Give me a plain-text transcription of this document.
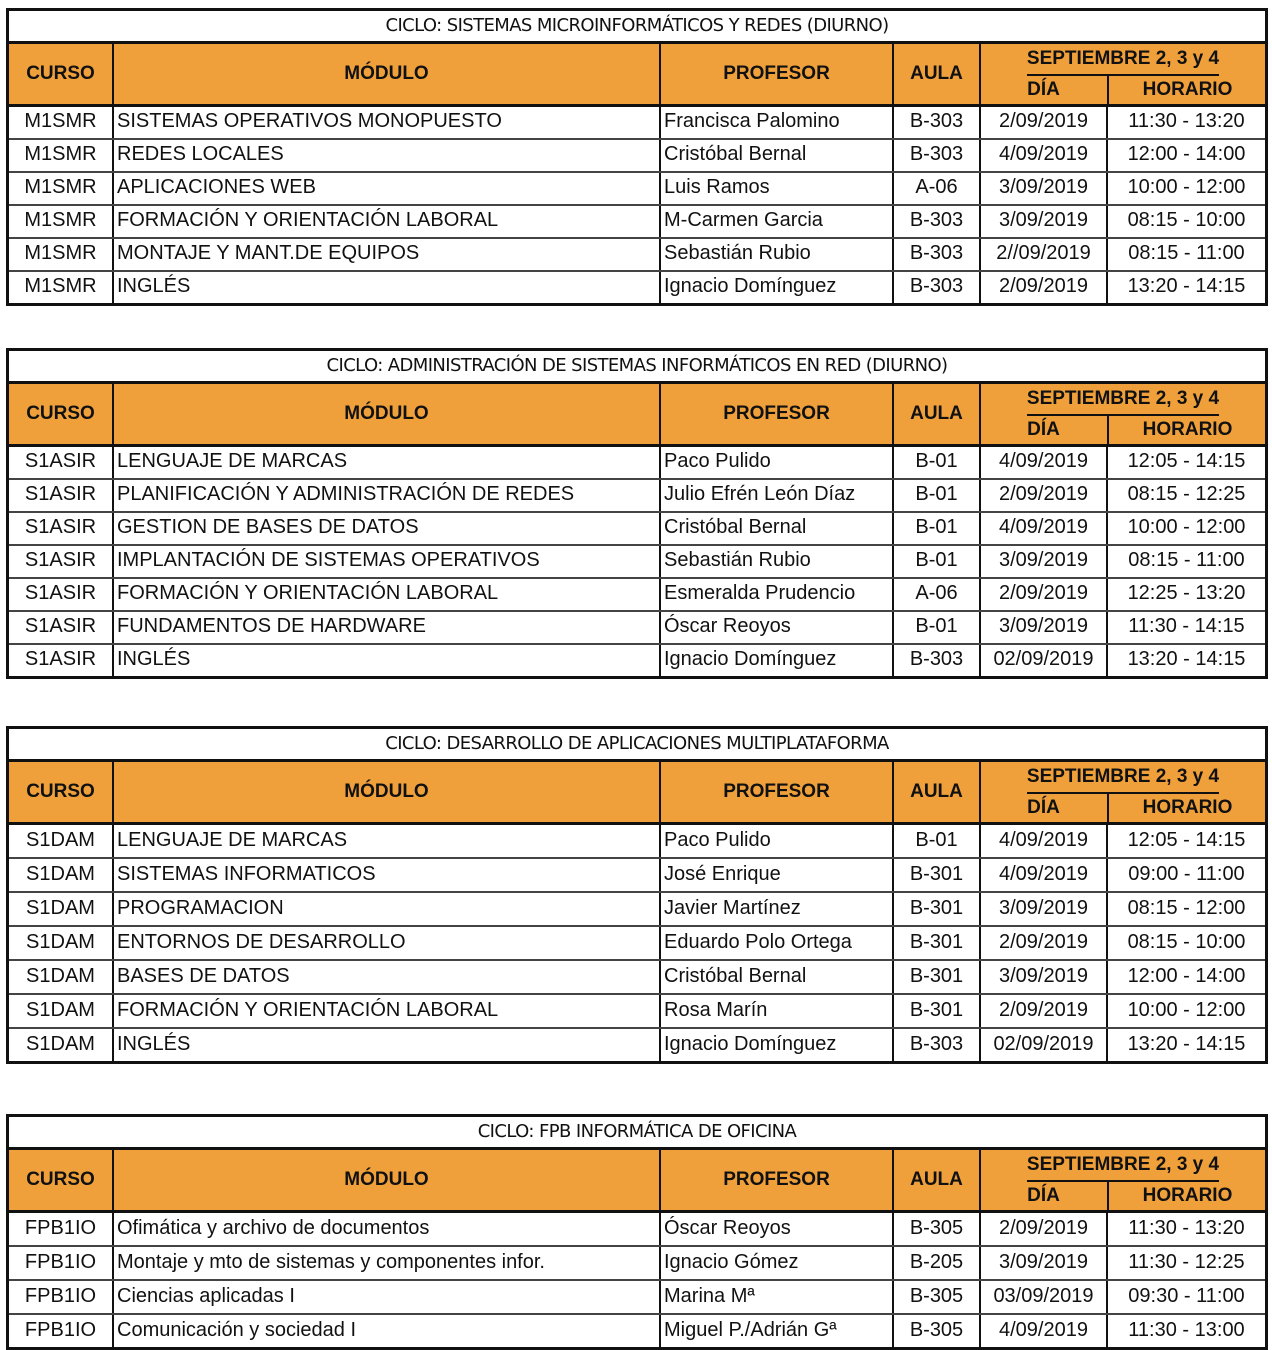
CICLO: SISTEMAS MICROINFORMÁTICOS Y REDES (DIURNO)
CURSO	MÓDULO	PROFESOR	AULA
SEPTIEMBRE 2, 3 y 4
DÍA	HORARIO
M1SMR	SISTEMAS OPERATIVOS MONOPUESTO	Francisca Palomino	B-303	2/09/2019	11:30 - 13:20
M1SMR	REDES LOCALES	Cristóbal Bernal	B-303	4/09/2019	12:00 - 14:00
M1SMR	APLICACIONES WEB	Luis Ramos	A-06	3/09/2019	10:00 - 12:00
M1SMR	FORMACIÓN Y ORIENTACIÓN LABORAL	M-Carmen Garcia	B-303	3/09/2019	08:15 - 10:00
M1SMR	MONTAJE Y MANT.DE EQUIPOS	Sebastián Rubio	B-303	2//09/2019	08:15 - 11:00
M1SMR	INGLÉS	Ignacio Domínguez	B-303	2/09/2019	13:20 - 14:15
CICLO: ADMINISTRACIÓN DE SISTEMAS INFORMÁTICOS EN RED (DIURNO)
CURSO	MÓDULO	PROFESOR	AULA
SEPTIEMBRE 2, 3 y 4
DÍA	HORARIO
S1ASIR	LENGUAJE DE MARCAS	Paco Pulido	B-01	4/09/2019	12:05 - 14:15
S1ASIR	PLANIFICACIÓN Y ADMINISTRACIÓN DE REDES	Julio Efrén León Díaz	B-01	2/09/2019	08:15 - 12:25
S1ASIR	GESTION DE BASES DE DATOS	Cristóbal Bernal	B-01	4/09/2019	10:00 - 12:00
S1ASIR	IMPLANTACIÓN DE SISTEMAS OPERATIVOS	Sebastián Rubio	B-01	3/09/2019	08:15 - 11:00
S1ASIR	FORMACIÓN Y ORIENTACIÓN LABORAL	Esmeralda Prudencio	A-06	2/09/2019	12:25 - 13:20
S1ASIR	FUNDAMENTOS DE HARDWARE	Óscar Reoyos	B-01	3/09/2019	11:30 - 14:15
S1ASIR	INGLÉS	Ignacio Domínguez	B-303	02/09/2019	13:20 - 14:15
CICLO: DESARROLLO DE APLICACIONES MULTIPLATAFORMA
CURSO	MÓDULO	PROFESOR	AULA
SEPTIEMBRE 2, 3 y 4
DÍA	HORARIO
S1DAM	LENGUAJE DE MARCAS	Paco Pulido	B-01	4/09/2019	12:05 - 14:15
S1DAM	SISTEMAS INFORMATICOS	José Enrique	B-301	4/09/2019	09:00 - 11:00
S1DAM	PROGRAMACION	Javier Martínez	B-301	3/09/2019	08:15 - 12:00
S1DAM	ENTORNOS DE DESARROLLO	Eduardo Polo Ortega	B-301	2/09/2019	08:15 - 10:00
S1DAM	BASES DE DATOS	Cristóbal Bernal	B-301	3/09/2019	12:00 - 14:00
S1DAM	FORMACIÓN Y ORIENTACIÓN LABORAL	Rosa Marín	B-301	2/09/2019	10:00 - 12:00
S1DAM	INGLÉS	Ignacio Domínguez	B-303	02/09/2019	13:20 - 14:15
CICLO: FPB INFORMÁTICA DE OFICINA
CURSO	MÓDULO	PROFESOR	AULA
SEPTIEMBRE 2, 3 y 4
DÍA	HORARIO
FPB1IO	Ofimática y archivo de documentos	Óscar Reoyos	B-305	2/09/2019	11:30 - 13:20
FPB1IO	Montaje y mto de sistemas y componentes infor.	Ignacio Gómez	B-205	3/09/2019	11:30 - 12:25
FPB1IO	Ciencias aplicadas I	Marina Mª	B-305	03/09/2019	09:30 - 11:00
FPB1IO	Comunicación y sociedad I	Miguel P./Adrián Gª	B-305	4/09/2019	11:30 - 13:00
